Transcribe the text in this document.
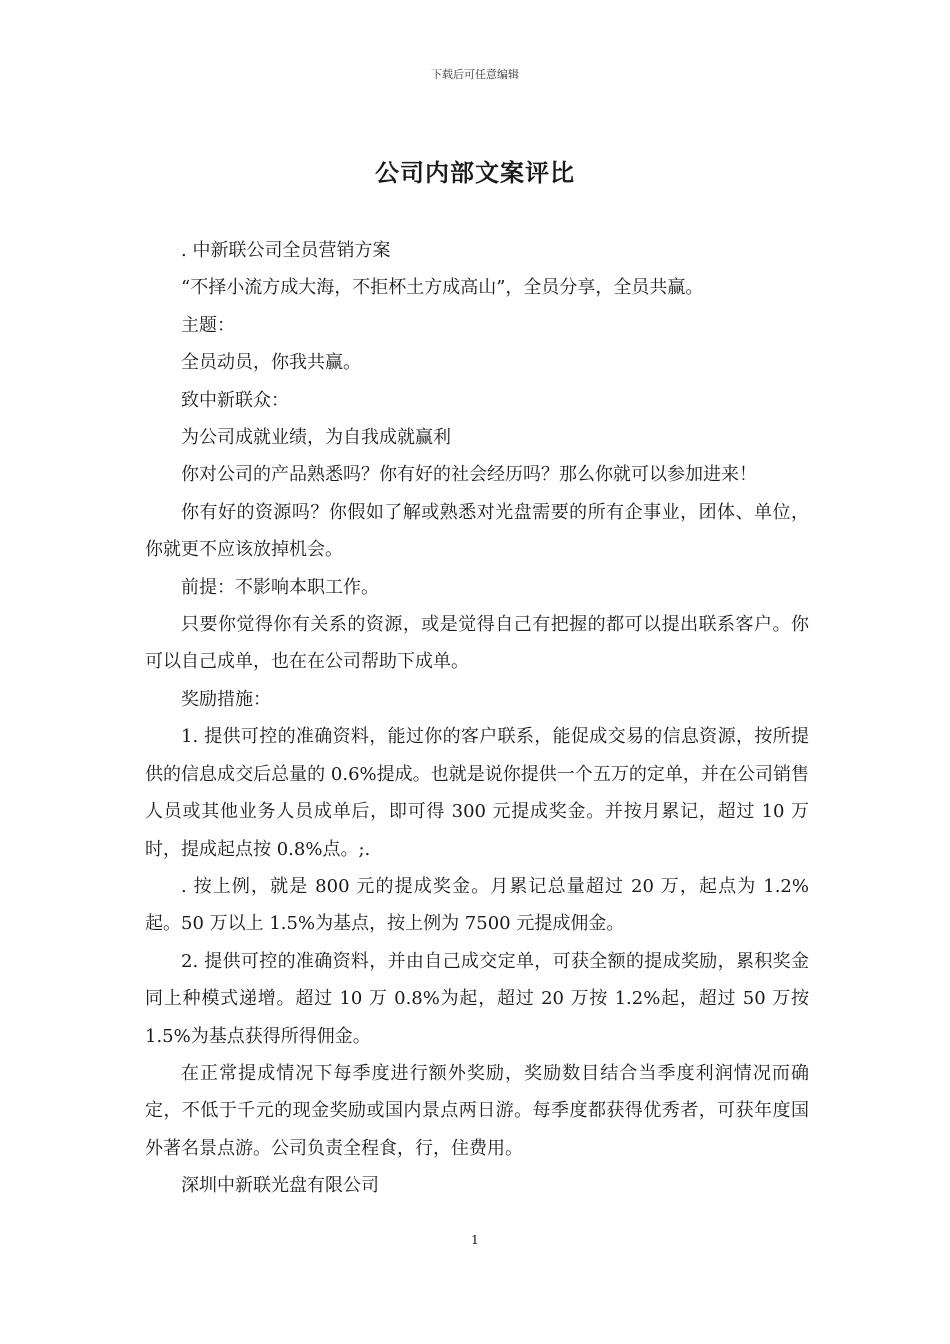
下载后可任意编辑
公司内部文案评比

. 中新联公司全员营销方案

“不择小流方成大海，不拒杯土方成高山”，全员分享，全员共赢。

主题：

全员动员，你我共赢。

致中新联众：

为公司成就业绩，为自我成就赢利

你对公司的产品熟悉吗？你有好的社会经历吗？那么你就可以参加进来！

你有好的资源吗？你假如了解或熟悉对光盘需要的所有企事业，团体、单位，你就更不应该放掉机会。

前提：不影响本职工作。

只要你觉得你有关系的资源，或是觉得自己有把握的都可以提出联系客户。你可以自己成单，也在在公司帮助下成单。

奖励措施：

1. 提供可控的准确资料，能过你的客户联系，能促成交易的信息资源，按所提供的信息成交后总量的 0.6%提成。也就是说你提供一个五万的定单，并在公司销售人员或其他业务人员成单后，即可得 300 元提成奖金。并按月累记，超过 10 万时，提成起点按 0.8%点。;.

. 按上例，就是 800 元的提成奖金。月累记总量超过 20 万，起点为 1.2%起。50 万以上 1.5%为基点，按上例为 7500 元提成佣金。

2. 提供可控的准确资料，并由自己成交定单，可获全额的提成奖励，累积奖金同上种模式递增。超过 10 万 0.8%为起，超过 20 万按 1.2%起，超过 50 万按 1.5%为基点获得所得佣金。

在正常提成情况下每季度进行额外奖励，奖励数目结合当季度利润情况而确定，不低于千元的现金奖励或国内景点两日游。每季度都获得优秀者，可获年度国外著名景点游。公司负责全程食，行，住费用。

深圳中新联光盘有限公司

1
